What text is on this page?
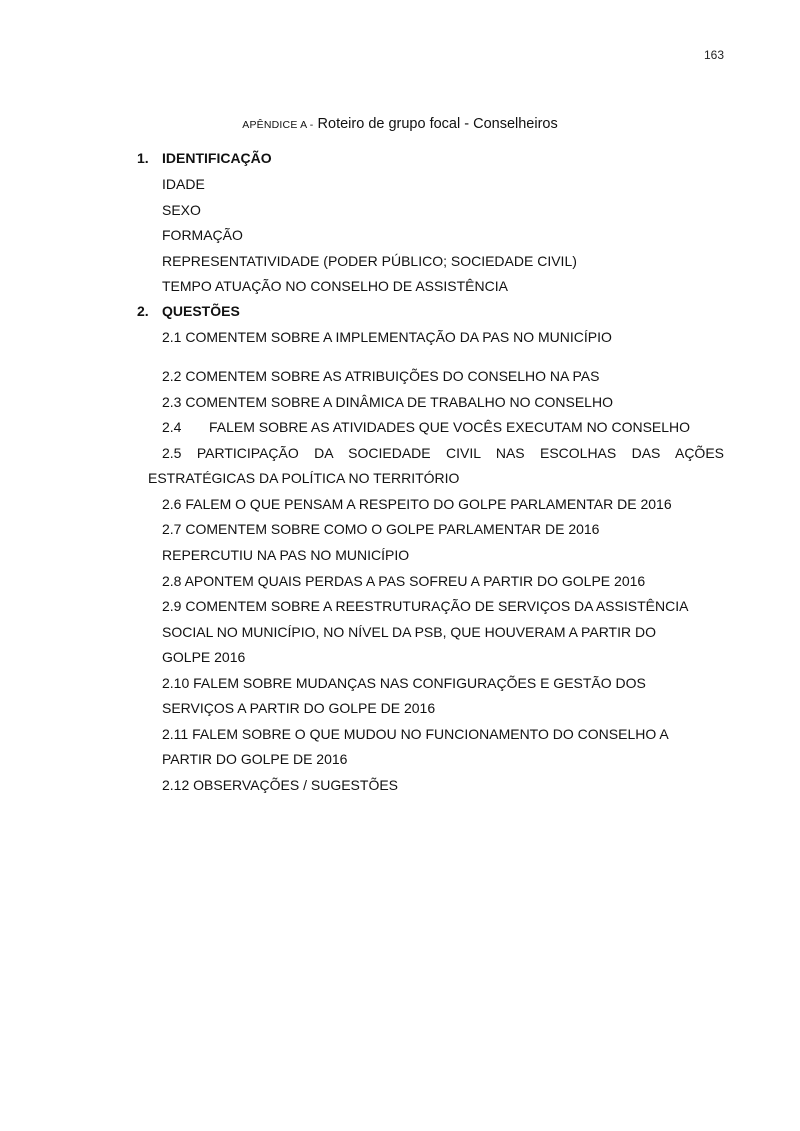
163
APÊNDICE A - Roteiro de grupo focal - Conselheiros
1. IDENTIFICAÇÃO
IDADE
SEXO
FORMAÇÃO
REPRESENTATIVIDADE (PODER PÚBLICO; SOCIEDADE CIVIL)
TEMPO ATUAÇÃO NO CONSELHO DE ASSISTÊNCIA
2. QUESTÕES
2.1 COMENTEM SOBRE A IMPLEMENTAÇÃO DA PAS NO MUNICÍPIO
2.2 COMENTEM SOBRE AS ATRIBUIÇÕES DO CONSELHO NA PAS
2.3 COMENTEM SOBRE A DINÂMICA DE TRABALHO NO CONSELHO
2.4 FALEM SOBRE AS ATIVIDADES QUE VOCÊS EXECUTAM NO CONSELHO
2.5 PARTICIPAÇÃO DA SOCIEDADE CIVIL NAS ESCOLHAS DAS AÇÕES
ESTRATÉGICAS DA POLÍTICA NO TERRITÓRIO
2.6 FALEM O QUE PENSAM A RESPEITO DO GOLPE PARLAMENTAR DE 2016
2.7 COMENTEM SOBRE COMO O GOLPE PARLAMENTAR DE 2016
REPERCUTIU NA PAS NO MUNICÍPIO
2.8 APONTEM QUAIS PERDAS A PAS SOFREU A PARTIR DO GOLPE 2016
2.9 COMENTEM SOBRE A REESTRUTURAÇÃO DE SERVIÇOS DA ASSISTÊNCIA
SOCIAL NO MUNICÍPIO, NO NÍVEL DA PSB, QUE HOUVERAM A PARTIR DO
GOLPE 2016
2.10 FALEM SOBRE MUDANÇAS NAS CONFIGURAÇÕES E GESTÃO DOS
SERVIÇOS A PARTIR DO GOLPE DE 2016
2.11 FALEM SOBRE O QUE MUDOU NO FUNCIONAMENTO DO CONSELHO A
PARTIR DO GOLPE DE 2016
2.12 OBSERVAÇÕES / SUGESTÕES
